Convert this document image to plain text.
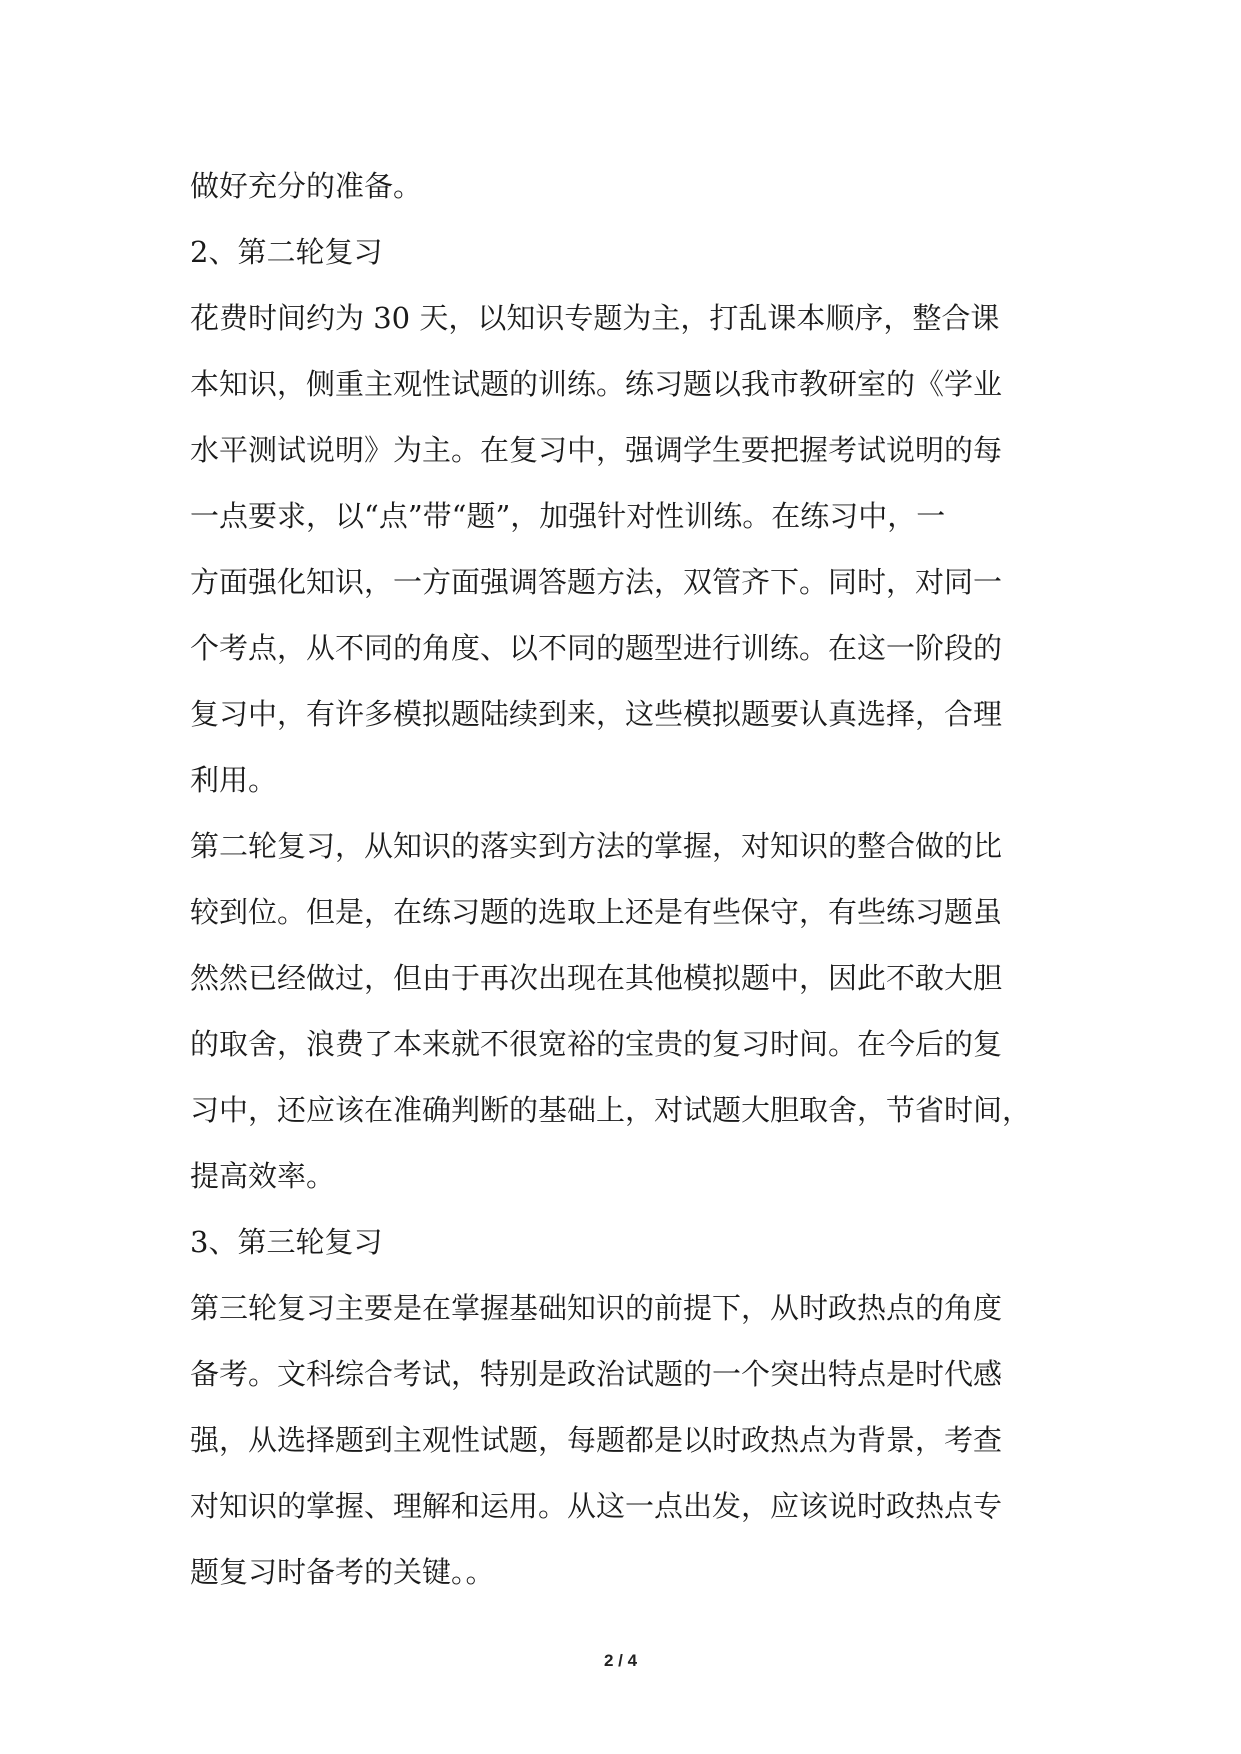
做好充分的准备。
2、第二轮复习
花费时间约为 30 天，以知识专题为主，打乱课本顺序，整合课
本知识，侧重主观性试题的训练。练习题以我市教研室的《学业
水平测试说明》为主。在复习中，强调学生要把握考试说明的每
一点要求，以“点”带“题”，加强针对性训练。在练习中，一
方面强化知识，一方面强调答题方法，双管齐下。同时，对同一
个考点，从不同的角度、以不同的题型进行训练。在这一阶段的
复习中，有许多模拟题陆续到来，这些模拟题要认真选择，合理
利用。
第二轮复习，从知识的落实到方法的掌握，对知识的整合做的比
较到位。但是，在练习题的选取上还是有些保守，有些练习题虽
然然已经做过，但由于再次出现在其他模拟题中，因此不敢大胆
的取舍，浪费了本来就不很宽裕的宝贵的复习时间。在今后的复
习中，还应该在准确判断的基础上，对试题大胆取舍，节省时间，
提高效率。
3、第三轮复习
第三轮复习主要是在掌握基础知识的前提下，从时政热点的角度
备考。文科综合考试，特别是政治试题的一个突出特点是时代感
强，从选择题到主观性试题，每题都是以时政热点为背景，考查
对知识的掌握、理解和运用。从这一点出发，应该说时政热点专
题复习时备考的关键。。
2 / 4
